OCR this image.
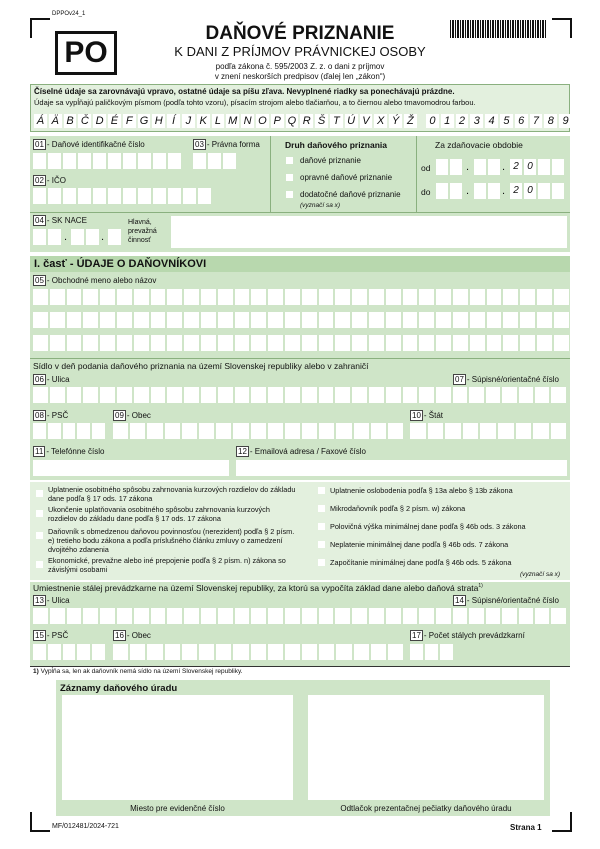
DPPOv24_1
PO
DAŇOVÉ PRIZNANIE
K DANI Z PRÍJMOV PRÁVNICKEJ OSOBY
podľa zákona č. 595/2003 Z. z. o dani z príjmov
v znení neskorších predpisov (ďalej len „zákon“)
Číselné údaje sa zarovnávajú vpravo, ostatné údaje sa píšu zľava. Nevyplnené riadky sa ponechávajú prázdne.
Údaje sa vypĺňajú paličkovým písmom (podľa tohto vzoru), písacím strojom alebo tlačiarňou, a to čiernou alebo tmavomodrou farbou.
Á Ä B Č D É F G H Í J K L M N O P Q R Š T Ú V X Ý Ž	0 1 2 3 4 5 6 7 8 9
01 - Daňové identifikačné číslo	03 - Právna forma
02 - IČO
Druh daňového priznania
daňové priznanie
opravné daňové priznanie
dodatočné daňové priznanie
(vyznačí sa x)
Za zdaňovacie obdobie
od
do
04 - SK NACE	Hlavná,
prevažná
činnosť
I. časť - ÚDAJE O DAŇOVNÍKOVI
05 - Obchodné meno alebo názov
Sídlo v deň podania daňového priznania na území Slovenskej republiky alebo v zahraničí
06 - Ulica	07 - Súpisné/orientačné číslo
08 - PSČ	09 - Obec	10 - Štát
11 - Telefónne číslo	12 - Emailová adresa / Faxové číslo
(vyznačí sa x)
Umiestnenie stálej prevádzkarne na území Slovenskej republiky, za ktorú sa vypočíta základ dane alebo daňová strata$^{1)}$
13 - Ulica	14 - Súpisné/orientačné číslo
15 - PSČ	16 - Obec	17 - Počet stálych prevádzkarní
1) Vypĺňa sa, len ak daňovník nemá sídlo na území Slovenskej republiky.
Záznamy daňového úradu
Miesto pre evidenčné číslo	Odtlačok prezentačnej pečiatky daňového úradu
MF/012481/2024-721	Strana 1
.	. 2 0
.	. 2 0
.	.
Uplatnenie osobitného spôsobu zahrnovania kurzových rozdielov do základu dane podľa § 17 ods. 17 zákona
Ukončenie uplatňovania osobitného spôsobu zahrnovania kurzových rozdielov do základu dane podľa § 17 ods. 17 zákona
Daňovník s obmedzenou daňovou povinnosťou (nerezident) podľa § 2 písm. e) tretieho bodu zákona a podľa príslušného článku zmluvy o zamedzení dvojitého zdanenia
Ekonomické, prevažne alebo iné prepojenie podľa § 2 písm. n) zákona so závislými osobami
Uplatnenie oslobodenia podľa § 13a alebo § 13b zákona
Mikrodaňovník podľa § 2 písm. w) zákona
Polovičná výška minimálnej dane podľa § 46b ods. 3 zákona
Neplatenie minimálnej dane podľa § 46b ods. 7 zákona
Započítanie minimálnej dane podľa § 46b ods. 5 zákona
